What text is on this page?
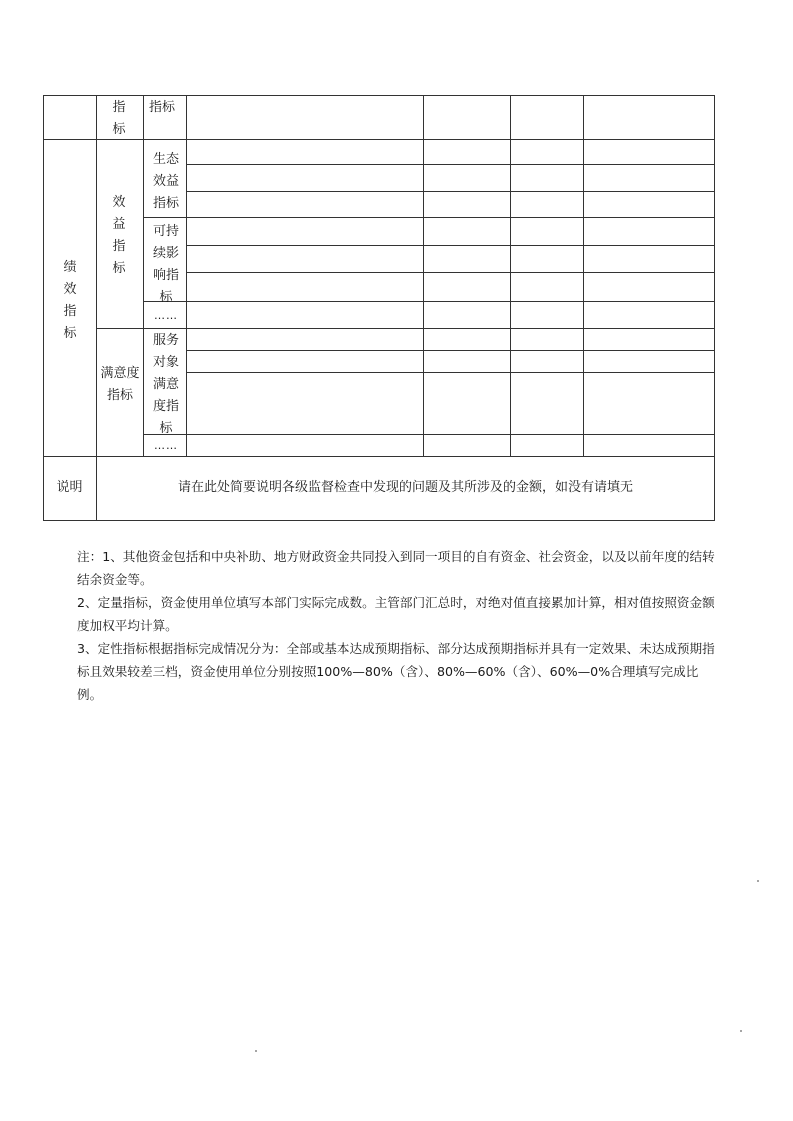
指标
指标
绩效指标
效益指标
满意度指标
生态效益指标
可持续影响指标
……
服务对象满意度指标
……
说明	请在此处简要说明各级监督检查中发现的问题及其所涉及的金额，如没有请填无

注：1、其他资金包括和中央补助、地方财政资金共同投入到同一项目的自有资金、社会资金，以及以前年度的结转结余资金等。

2、定量指标，资金使用单位填写本部门实际完成数。主管部门汇总时，对绝对值直接累加计算，相对值按照资金额度加权平均计算。

3、定性指标根据指标完成情况分为：全部或基本达成预期指标、部分达成预期指标并具有一定效果、未达成预期指标且效果较差三档，资金使用单位分别按照100%—80%（含）、80%—60%（含）、60%—0%合理填写完成比例。
